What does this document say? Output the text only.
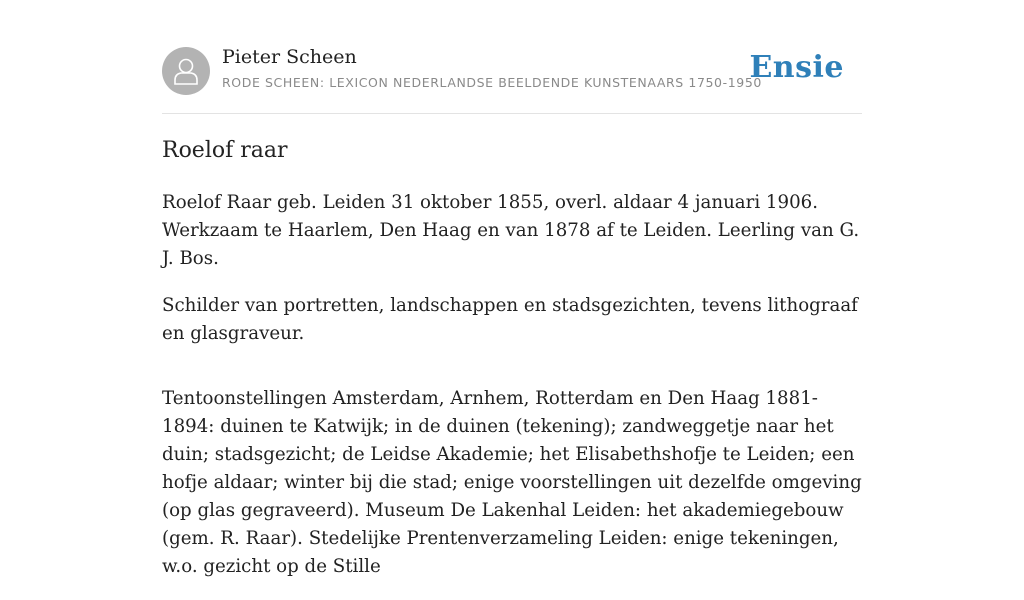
Pieter Scheen
RODE SCHEEN: LEXICON NEDERLANDSE BEELDENDE KUNSTENAARS 1750-1950
Ensie
Roelof raar

Roelof Raar geb. Leiden 31 oktober 1855, overl. aldaar 4 januari 1906. Werkzaam te Haarlem, Den Haag en van 1878 af te Leiden. Leerling van G. J. Bos.

Schilder van portretten, landschappen en stadsgezichten, tevens lithograaf en glasgraveur.

Tentoonstellingen Amsterdam, Arnhem, Rotterdam en Den Haag 1881-1894: duinen te Katwijk; in de duinen (tekening); zandweggetje naar het duin; stadsgezicht; de Leidse Akademie; het Elisabethshofje te Leiden; een hofje aldaar; winter bij die stad; enige voorstellingen uit dezelfde omgeving (op glas gegraveerd). Museum De Lakenhal Leiden: het akademiegebouw (gem. R. Raar). Stedelijke Prentenverzameling Leiden: enige tekeningen, w.o. gezicht op de Stille
